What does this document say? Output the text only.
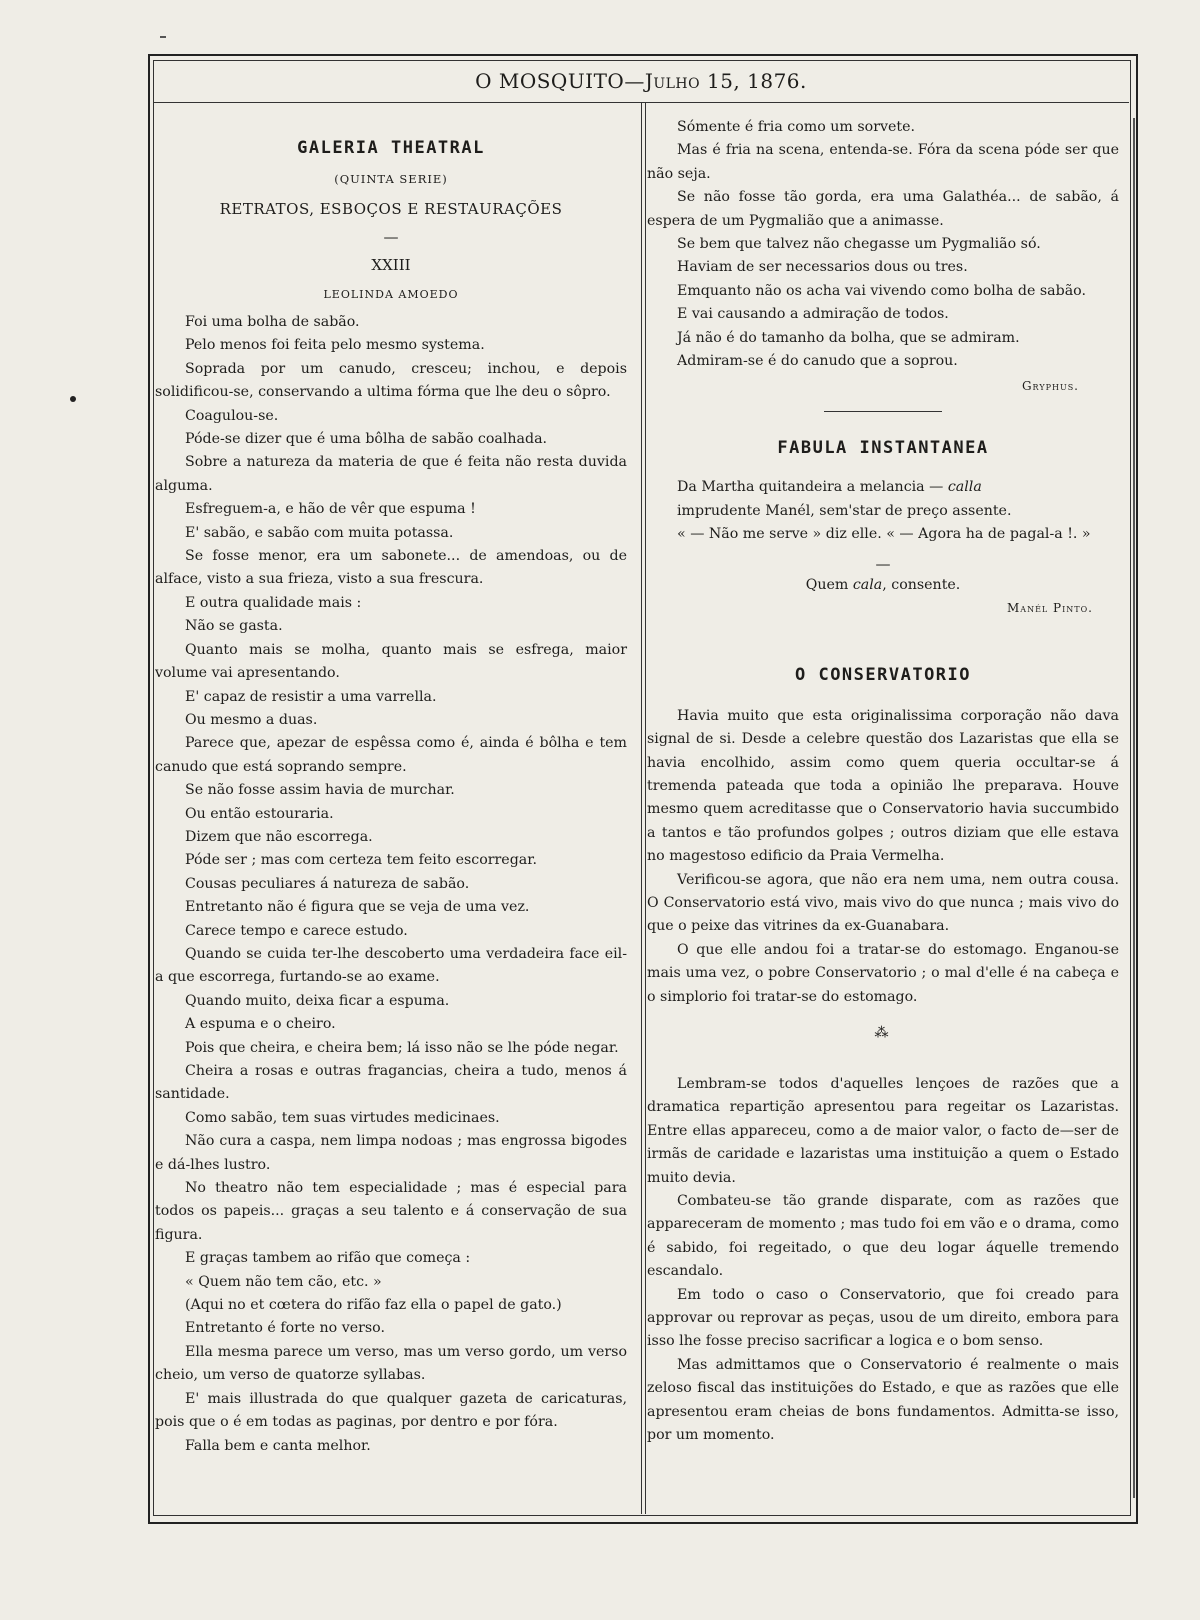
O MOSQUITO—Julho 15, 1876.

GALERIA THEATRAL

(QUINTA SERIE)

RETRATOS, ESBOÇOS E RESTAURAÇÕES

—

XXIII

LEOLINDA AMOEDO

Foi uma bolha de sabão.

Pelo menos foi feita pelo mesmo systema.

Soprada por um canudo, cresceu; inchou, e depois solidificou-se, conservando a ultima fórma que lhe deu o sôpro.

Coagulou-se.

Póde-se dizer que é uma bôlha de sabão coalhada.

Sobre a natureza da materia de que é feita não resta duvida alguma.

Esfreguem-a, e hão de vêr que espuma !

E' sabão, e sabão com muita potassa.

Se fosse menor, era um sabonete... de amendoas, ou de alface, visto a sua frieza, visto a sua frescura.

E outra qualidade mais :

Não se gasta.

Quanto mais se molha, quanto mais se esfrega, maior volume vai apresentando.

E' capaz de resistir a uma varrella.

Ou mesmo a duas.

Parece que, apezar de espêssa como é, ainda é bôlha e tem canudo que está soprando sempre.

Se não fosse assim havia de murchar.

Ou então estouraria.

Dizem que não escorrega.

Póde ser ; mas com certeza tem feito escorregar.

Cousas peculiares á natureza de sabão.

Entretanto não é figura que se veja de uma vez.

Carece tempo e carece estudo.

Quando se cuida ter-lhe descoberto uma verdadeira face eil-a que escorrega, furtando-se ao exame.

Quando muito, deixa ficar a espuma.

A espuma e o cheiro.

Pois que cheira, e cheira bem; lá isso não se lhe póde negar.

Cheira a rosas e outras fragancias, cheira a tudo, menos á santidade.

Como sabão, tem suas virtudes medicinaes.

Não cura a caspa, nem limpa nodoas ; mas engrossa bigodes e dá-lhes lustro.

No theatro não tem especialidade ; mas é especial para todos os papeis... graças a seu talento e á conservação de sua figura.

E graças tambem ao rifão que começa :

« Quem não tem cão, etc. »

(Aqui no et cœtera do rifão faz ella o papel de gato.)

Entretanto é forte no verso.

Ella mesma parece um verso, mas um verso gordo, um verso cheio, um verso de quatorze syllabas.

E' mais illustrada do que qualquer gazeta de caricaturas, pois que o é em todas as paginas, por dentro e por fóra.

Falla bem e canta melhor.

Sómente é fria como um sorvete.

Mas é fria na scena, entenda-se. Fóra da scena póde ser que não seja.

Se não fosse tão gorda, era uma Galathéa... de sabão, á espera de um Pygmalião que a animasse.

Se bem que talvez não chegasse um Pygmalião só.

Haviam de ser necessarios dous ou tres.

Emquanto não os acha vai vivendo como bolha de sabão.

E vai causando a admiração de todos.

Já não é do tamanho da bolha, que se admiram.

Admiram-se é do canudo que a soprou.

Gryphus.

FABULA INSTANTANEA

Da Martha quitandeira a melancia — calla

imprudente Manél, sem'star de preço assente.

« — Não me serve » diz elle. « — Agora ha de pagal-a !. »

—

Quem cala, consente.

Manél Pinto.

O CONSERVATORIO

Havia muito que esta originalissima corporação não dava signal de si. Desde a celebre questão dos Lazaristas que ella se havia encolhido, assim como quem queria occultar-se á tremenda pateada que toda a opinião lhe preparava. Houve mesmo quem acreditasse que o Conservatorio havia succumbido a tantos e tão profundos golpes ; outros diziam que elle estava no magestoso edificio da Praia Vermelha.

Verificou-se agora, que não era nem uma, nem outra cousa. O Conservatorio está vivo, mais vivo do que nunca ; mais vivo do que o peixe das vitrines da ex-Guanabara.

O que elle andou foi a tratar-se do estomago. Enganou-se mais uma vez, o pobre Conservatorio ; o mal d'elle é na cabeça e o simplorio foi tratar-se do estomago.

⁂

Lembram-se todos d'aquelles lençoes de razões que a dramatica repartição apresentou para regeitar os Lazaristas. Entre ellas appareceu, como a de maior valor, o facto de—ser de irmãs de caridade e lazaristas uma instituição a quem o Estado muito devia.

Combateu-se tão grande disparate, com as razões que appareceram de momento ; mas tudo foi em vão e o drama, como é sabido, foi regeitado, o que deu logar áquelle tremendo escandalo.

Em todo o caso o Conservatorio, que foi creado para approvar ou reprovar as peças, usou de um direito, embora para isso lhe fosse preciso sacrificar a logica e o bom senso.

Mas admittamos que o Conservatorio é realmente o mais zeloso fiscal das instituições do Estado, e que as razões que elle apresentou eram cheias de bons fundamentos. Admitta-se isso, por um momento.
